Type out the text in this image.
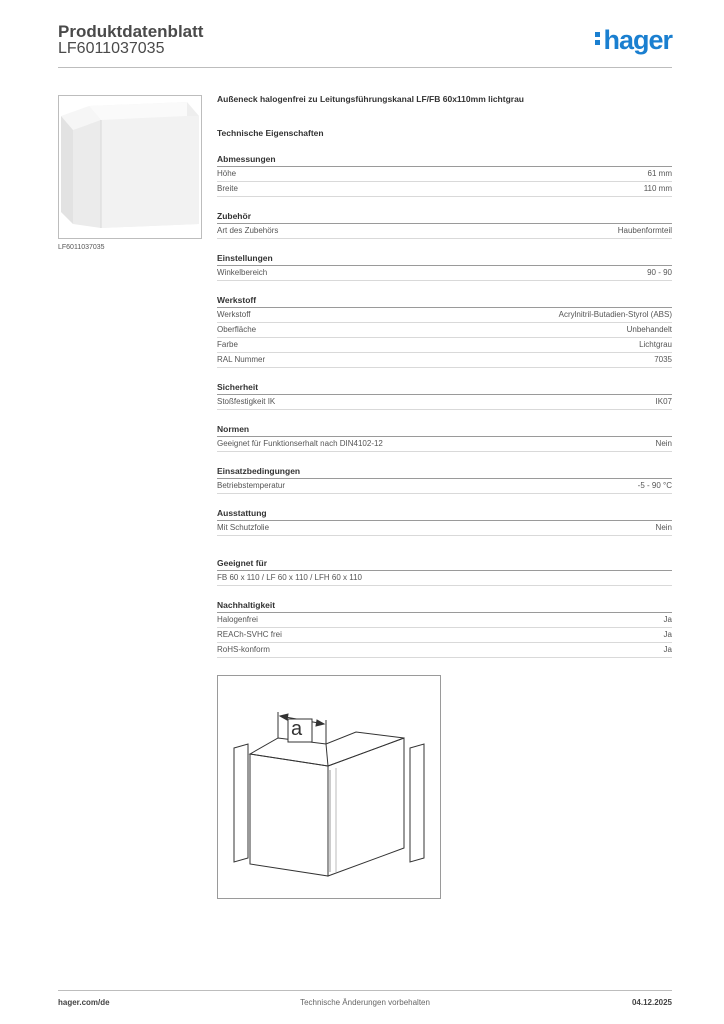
Produktdatenblatt
LF6011037035	hager
LF6011037035
Außeneck halogenfrei zu Leitungsführungskanal LF/FB 60x110mm lichtgrau
Technische Eigenschaften
Abmessungen
Höhe	61 mm
Breite	110 mm
Zubehör
Art des Zubehörs	Haubenformteil
Einstellungen
Winkelbereich	90 - 90
Werkstoff
Werkstoff	Acrylnitril-Butadien-Styrol (ABS)
Oberfläche	Unbehandelt
Farbe	Lichtgrau
RAL Nummer	7035
Sicherheit
Stoßfestigkeit IK	IK07
Normen
Geeignet für Funktionserhalt nach DIN4102-12	Nein
Einsatzbedingungen
Betriebstemperatur	-5 - 90 °C
Ausstattung
Mit Schutzfolie	Nein
Geeignet für
FB 60 x 110 / LF 60 x 110 / LFH 60 x 110
Nachhaltigkeit
Halogenfrei	Ja
REACh-SVHC frei	Ja
RoHS-konform	Ja
a
Technische Änderungen vorbehalten
hager.com/de	04.12.2025
